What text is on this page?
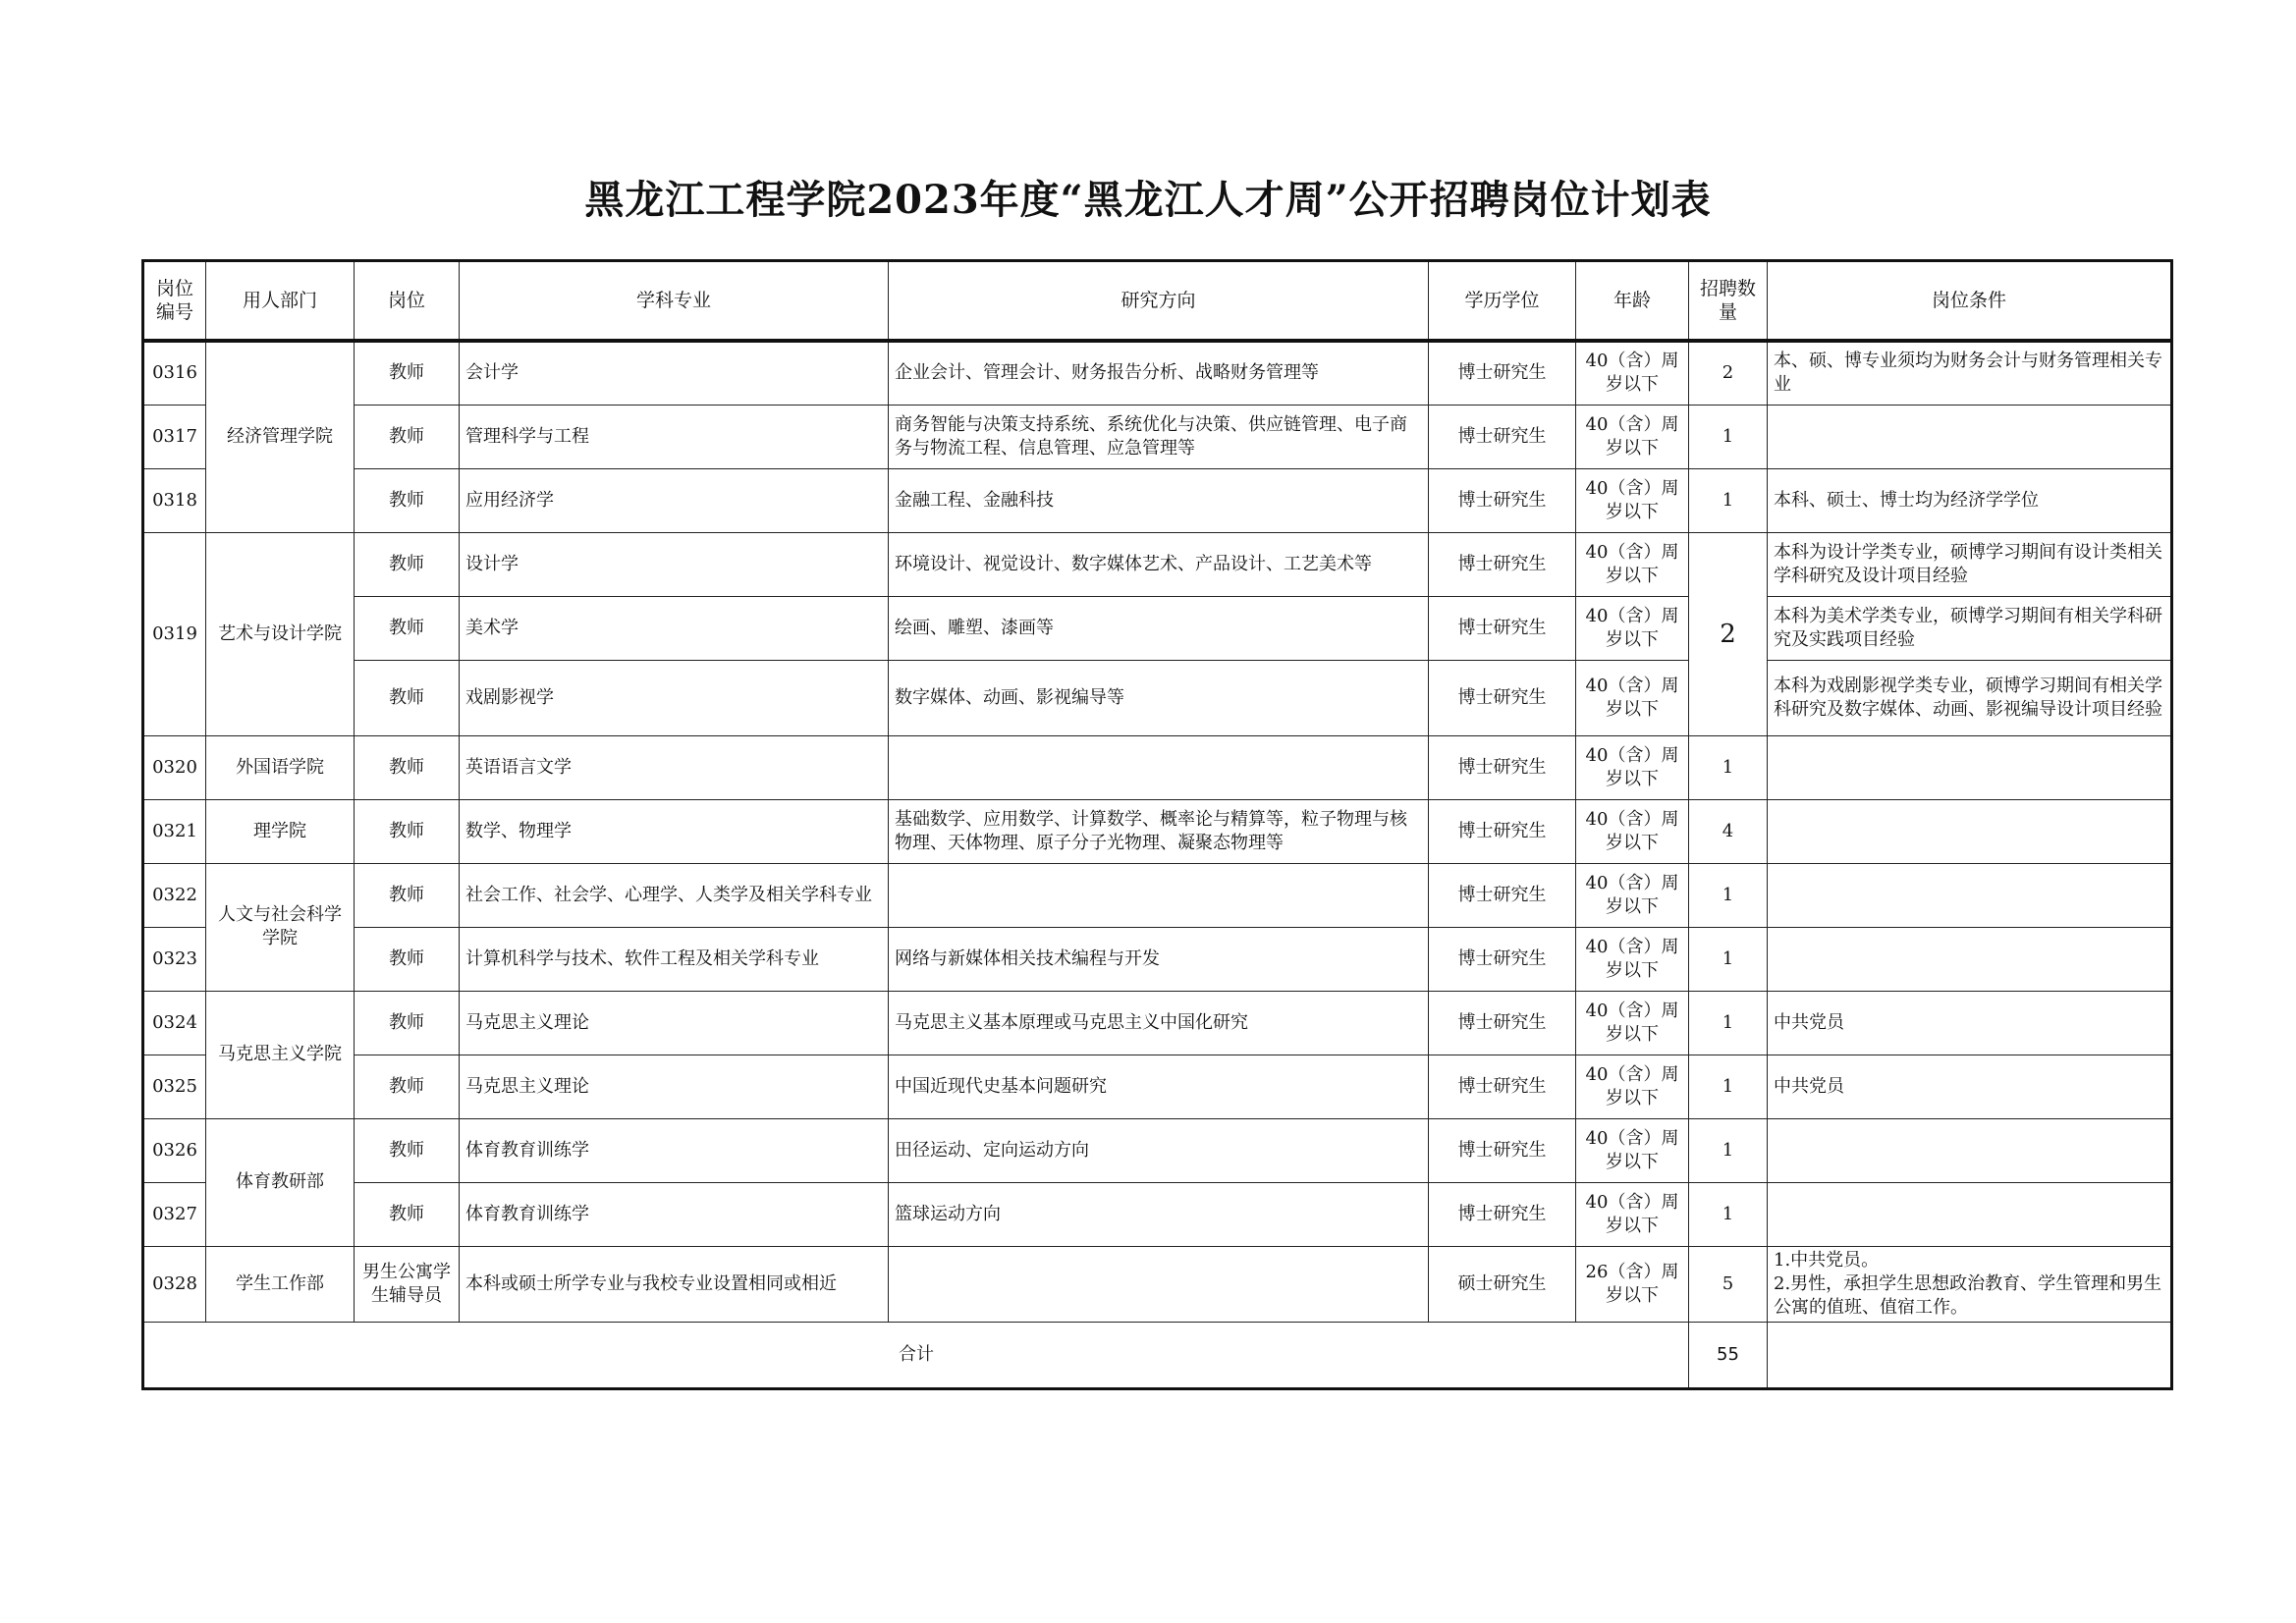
黑龙江工程学院2023年度“黑龙江人才周”公开招聘岗位计划表
岗位编号	用人部门	岗位	学科专业	研究方向	学历学位	年龄	招聘数量	岗位条件
0316	经济管理学院	教师	会计学	企业会计、管理会计、财务报告分析、战略财务管理等	博士研究生	40（含）周岁以下	2	本、硕、博专业须均为财务会计与财务管理相关专业
0317		教师	管理科学与工程	商务智能与决策支持系统、系统优化与决策、供应链管理、电子商务与物流工程、信息管理、应急管理等	博士研究生	40（含）周岁以下	1	
0318		教师	应用经济学	金融工程、金融科技	博士研究生	40（含）周岁以下	1	本科、硕士、博士均为经济学学位
0319	艺术与设计学院	教师	设计学	环境设计、视觉设计、数字媒体艺术、产品设计、工艺美术等	博士研究生	40（含）周岁以下	2	本科为设计学类专业，硕博学习期间有设计类相关学科研究及设计项目经验
		教师	美术学	绘画、雕塑、漆画等	博士研究生	40（含）周岁以下		本科为美术学类专业，硕博学习期间有相关学科研究及实践项目经验
		教师	戏剧影视学	数字媒体、动画、影视编导等	博士研究生	40（含）周岁以下		本科为戏剧影视学类专业，硕博学习期间有相关学科研究及数字媒体、动画、影视编导设计项目经验
0320	外国语学院	教师	英语语言文学		博士研究生	40（含）周岁以下	1	
0321	理学院	教师	数学、物理学	基础数学、应用数学、计算数学、概率论与精算等，粒子物理与核物理、天体物理、原子分子光物理、凝聚态物理等	博士研究生	40（含）周岁以下	4	
0322	人文与社会科学学院	教师	社会工作、社会学、心理学、人类学及相关学科专业		博士研究生	40（含）周岁以下	1	
0323		教师	计算机科学与技术、软件工程及相关学科专业	网络与新媒体相关技术编程与开发	博士研究生	40（含）周岁以下	1	
0324	马克思主义学院	教师	马克思主义理论	马克思主义基本原理或马克思主义中国化研究	博士研究生	40（含）周岁以下	1	中共党员
0325		教师	马克思主义理论	中国近现代史基本问题研究	博士研究生	40（含）周岁以下	1	中共党员
0326	体育教研部	教师	体育教育训练学	田径运动、定向运动方向	博士研究生	40（含）周岁以下	1	
0327		教师	体育教育训练学	篮球运动方向	博士研究生	40（含）周岁以下	1	
0328	学生工作部	男生公寓学生辅导员	本科或硕士所学专业与我校专业设置相同或相近		硕士研究生	26（含）周岁以下	5	1.中共党员。
2.男性，承担学生思想政治教育、学生管理和男生公寓的值班、值宿工作。

合计							55	
